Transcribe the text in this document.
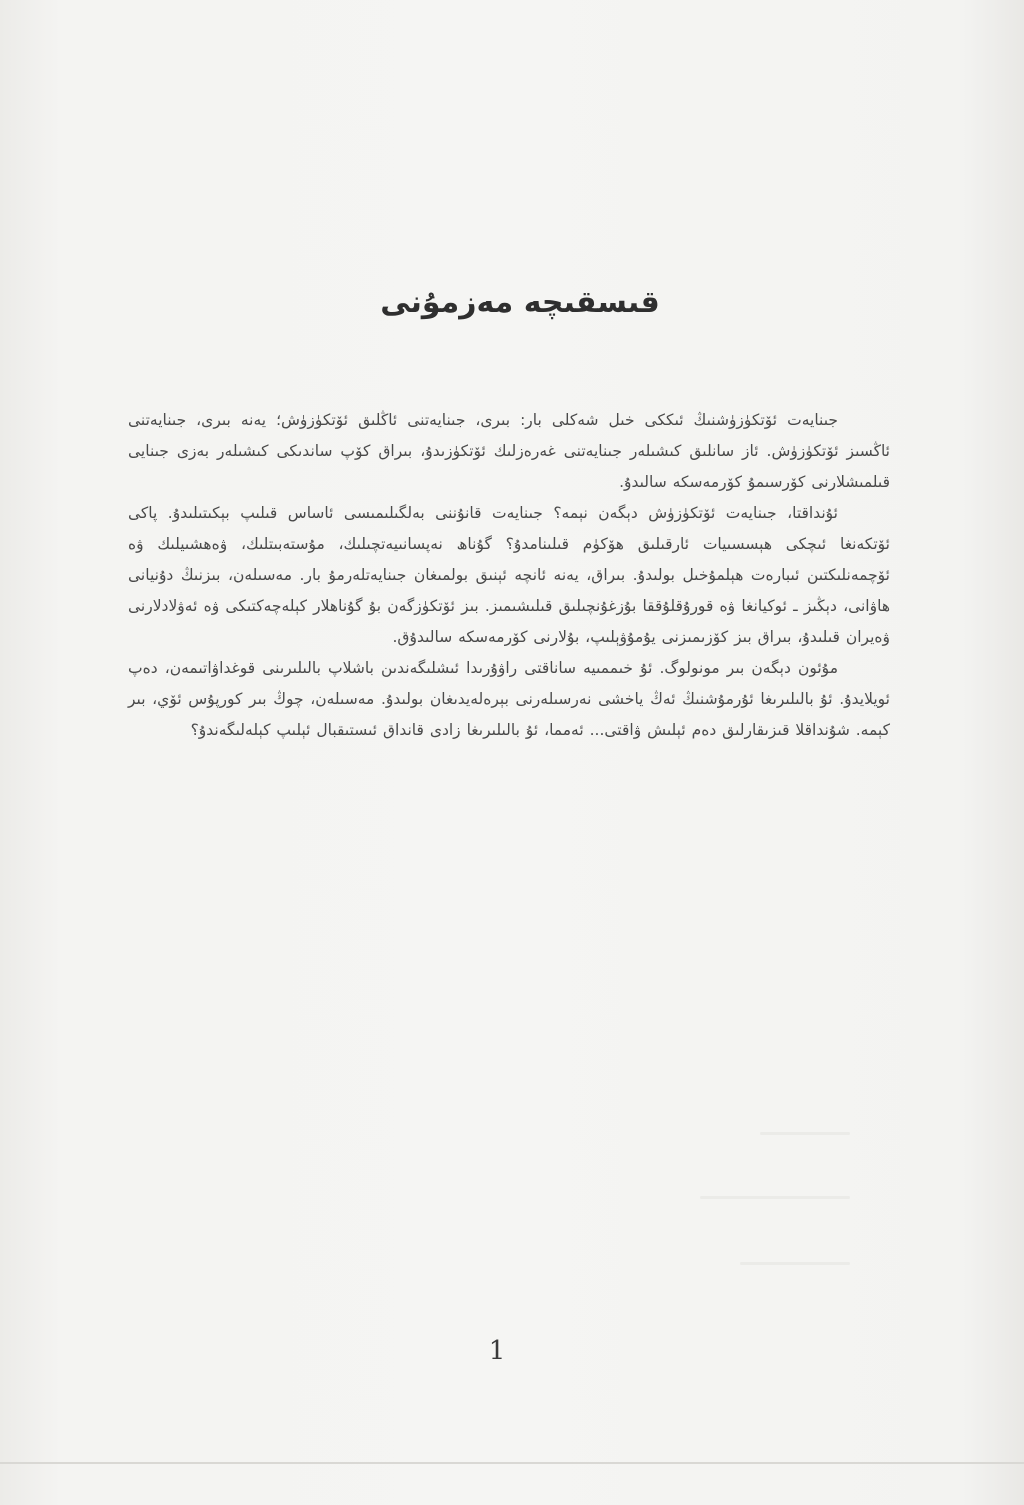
قىسقىچە مەزمۇنى

جىنايەت ئۆتكۈزۈشنىڭ ئىككى خىل شەكلى بار: بىرى، جىنايەتنى ئاڭلىق ئۆتكۈزۈش؛ يەنە بىرى، جىنايەتنى ئاڭسىز ئۆتكۈزۈش. ئاز سانلىق كىشىلەر جىنايەتنى غەرەزلىك ئۆتكۈزىدۇ، بىراق كۆپ ساندىكى كىشىلەر بەزى جىنايى قىلمىشلارنى كۆرسىمۇ كۆرمەسكە سالىدۇ.

ئۇنداقتا، جىنايەت ئۆتكۈزۈش دېگەن نېمە؟ جىنايەت قانۇننى بەلگىلىمىسى ئاساس قىلىپ بېكىتىلىدۇ. پاكى ئۆتكەنغا ئىچكى ھېسسىيات ئارقىلىق ھۆكۈم قىلىنامدۇ؟ گۇناھ نەپسانىيەتچىلىك، مۇستەبىتلىك، ۋەھشىيلىك ۋە ئۆچمەنلىكتىن ئىبارەت ھېلمۇخىل بولىدۇ. بىراق، يەنە ئانچە ئېنىق بولمىغان جىنايەتلەرمۇ بار. مەسىلەن، بىزنىڭ دۇنيانى ھاۋانى، دېڭىز ـ ئوكيانغا ۋە قورۇقلۇققا بۇزغۇنچىلىق قىلىشىمىز. بىز ئۆتكۈزگەن بۇ گۇناھلار كېلەچەكتىكى ۋە ئەۋلادلارنى ۋەيران قىلىدۇ، بىراق بىز كۆزىمىزنى يۇمۇۋېلىپ، بۇلارنى كۆرمەسكە سالىدۇق.

مۇئون دېگەن بىر مونولوگ. ئۇ خىممىيە ساناقتى راۋۇرىدا ئىشلىگەندىن باشلاپ بالىلىرىنى قوغداۋاتىمەن، دەپ ئويلايدۇ. ئۇ بالىلىرىغا ئۇرمۇشنىڭ ئەڭ ياخشى نەرسىلەرنى بېرەلەيدىغان بولىدۇ. مەسىلەن، چوڭ بىر كورپۇس ئۆي، بىر كېمە. شۇنداقلا قىزىقارلىق دەم ئېلىش ۋاقتى... ئەمما، ئۇ بالىلىرىغا زادى قانداق ئىستىقبال ئېلىپ كېلەلىگەندۇ؟

1
